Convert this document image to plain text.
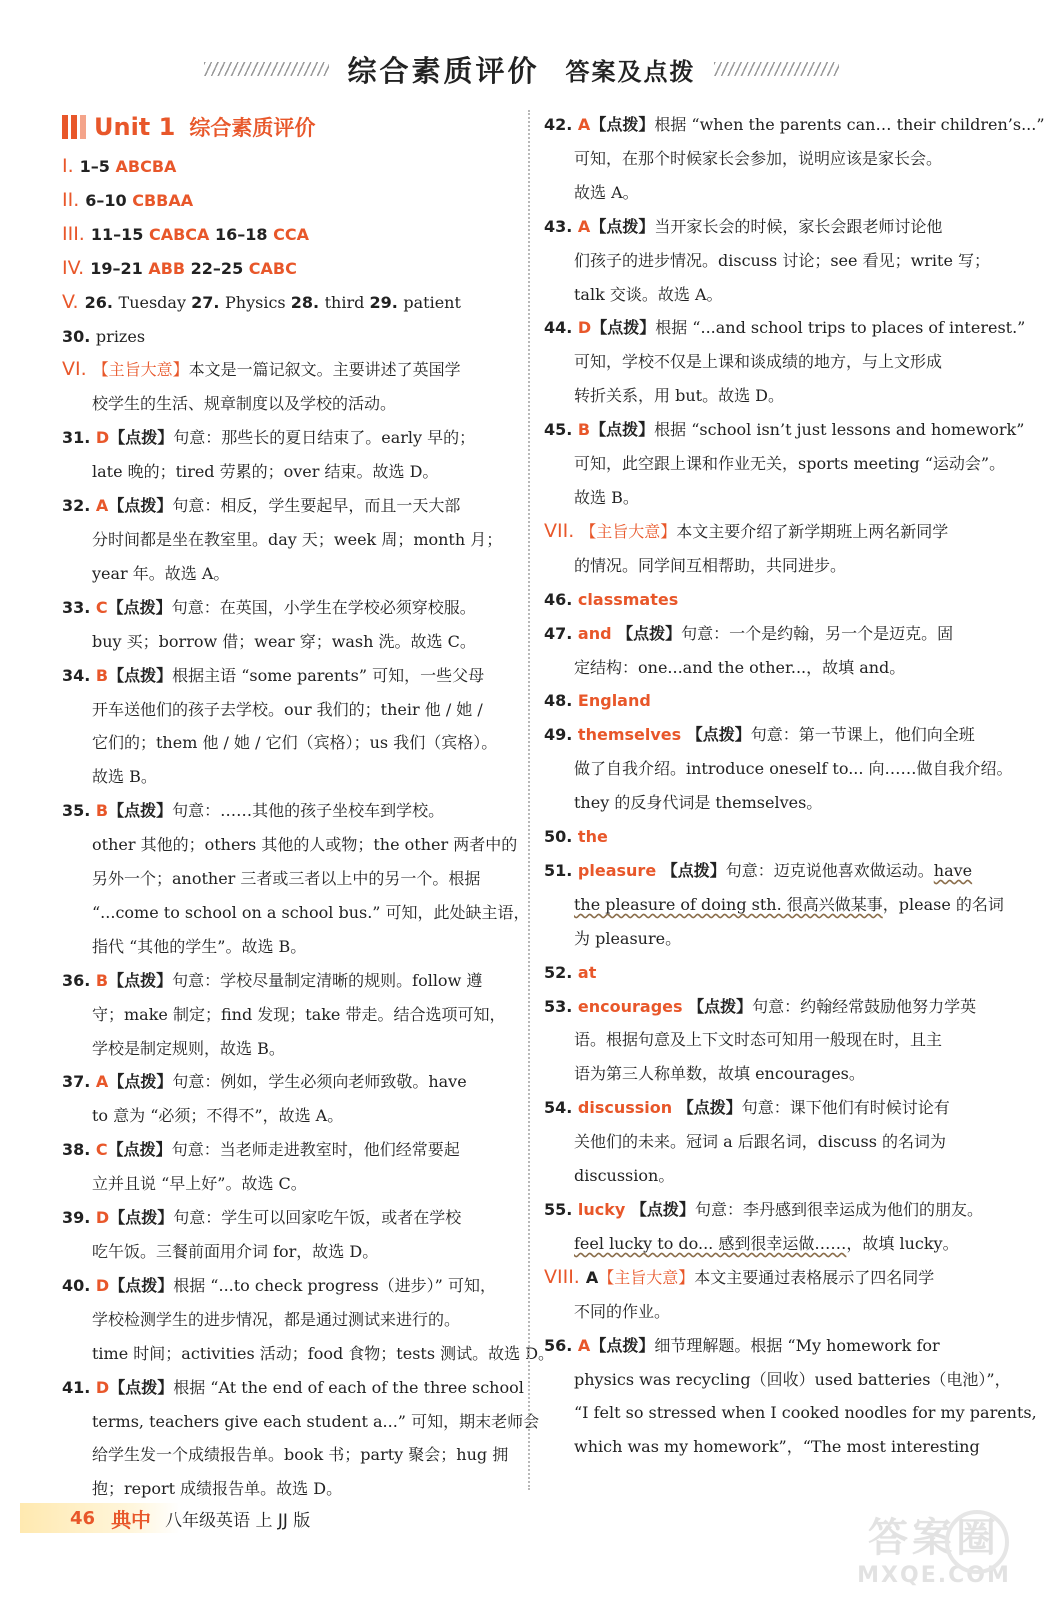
综合素质评价 答案及点拨
Unit 1 综合素质评价
I. 1–5 ABCBA
II. 6–10 CBBAA
III. 11–15 CABCA 16–18 CCA
IV. 19–21 ABB 22–25 CABC
V. 26. Tuesday 27. Physics 28. third 29. patient
30. prizes
VI. 【主旨大意】本文是一篇记叙文。主要讲述了英国学
校学生的生活、规章制度以及学校的活动。
31. D【点拨】句意：那些长的夏日结束了。early 早的；
late 晚的；tired 劳累的；over 结束。故选 D。
32. A【点拨】句意：相反，学生要起早，而且一天大部
分时间都是坐在教室里。day 天；week 周；month 月；
year 年。故选 A。
33. C【点拨】句意：在英国，小学生在学校必须穿校服。
buy 买；borrow 借；wear 穿；wash 洗。故选 C。
34. B【点拨】根据主语 “some parents” 可知，一些父母
开车送他们的孩子去学校。our 我们的；their 他 / 她 /
它们的；them 他 / 她 / 它们（宾格）；us 我们（宾格）。
故选 B。
35. B【点拨】句意：……其他的孩子坐校车到学校。
other 其他的；others 其他的人或物；the other 两者中的
另外一个；another 三者或三者以上中的另一个。根据
“...come to school on a school bus.” 可知，此处缺主语，
指代 “其他的学生”。故选 B。
36. B【点拨】句意：学校尽量制定清晰的规则。follow 遵
守；make 制定；find 发现；take 带走。结合选项可知，
学校是制定规则，故选 B。
37. A【点拨】句意：例如，学生必须向老师致敬。have
to 意为 “必须；不得不”，故选 A。
38. C【点拨】句意：当老师走进教室时，他们经常要起
立并且说 “早上好”。故选 C。
39. D【点拨】句意：学生可以回家吃午饭，或者在学校
吃午饭。三餐前面用介词 for，故选 D。
40. D【点拨】根据 “...to check progress（进步）” 可知，
学校检测学生的进步情况，都是通过测试来进行的。
time 时间；activities 活动；food 食物；tests 测试。故选 D。
41. D【点拨】根据 “At the end of each of the three school
terms, teachers give each student a...” 可知，期末老师会
给学生发一个成绩报告单。book 书；party 聚会；hug 拥
抱；report 成绩报告单。故选 D。
42. A【点拨】根据 “when the parents can… their children’s...”
可知，在那个时候家长会参加，说明应该是家长会。
故选 A。
43. A【点拨】当开家长会的时候，家长会跟老师讨论他
们孩子的进步情况。discuss 讨论；see 看见；write 写；
talk 交谈。故选 A。
44. D【点拨】根据 “...and school trips to places of interest.”
可知，学校不仅是上课和谈成绩的地方，与上文形成
转折关系，用 but。故选 D。
45. B【点拨】根据 “school isn’t just lessons and homework”
可知，此空跟上课和作业无关，sports meeting “运动会”。
故选 B。
VII. 【主旨大意】本文主要介绍了新学期班上两名新同学
的情况。同学间互相帮助，共同进步。
46. classmates
47. and 【点拨】句意：一个是约翰，另一个是迈克。固
定结构：one...and the other...，故填 and。
48. England
49. themselves 【点拨】句意：第一节课上，他们向全班
做了自我介绍。introduce oneself to... 向……做自我介绍。
they 的反身代词是 themselves。
50. the
51. pleasure 【点拨】句意：迈克说他喜欢做运动。have
the pleasure of doing sth. 很高兴做某事，please 的名词
为 pleasure。
52. at
53. encourages 【点拨】句意：约翰经常鼓励他努力学英
语。根据句意及上下文时态可知用一般现在时，且主
语为第三人称单数，故填 encourages。
54. discussion 【点拨】句意：课下他们有时候讨论有
关他们的未来。冠词 a 后跟名词，discuss 的名词为
discussion。
55. lucky 【点拨】句意：李丹感到很幸运成为他们的朋友。
feel lucky to do... 感到很幸运做……，故填 lucky。
VIII. A【主旨大意】本文主要通过表格展示了四名同学
不同的作业。
56. A【点拨】细节理解题。根据 “My homework for
physics was recycling（回收）used batteries（电池）”，
“I felt so stressed when I cooked noodles for my parents,
which was my homework”，“The most interesting
46 典中 八年级英语 上 JJ 版	答案圈
MXQE.COM
